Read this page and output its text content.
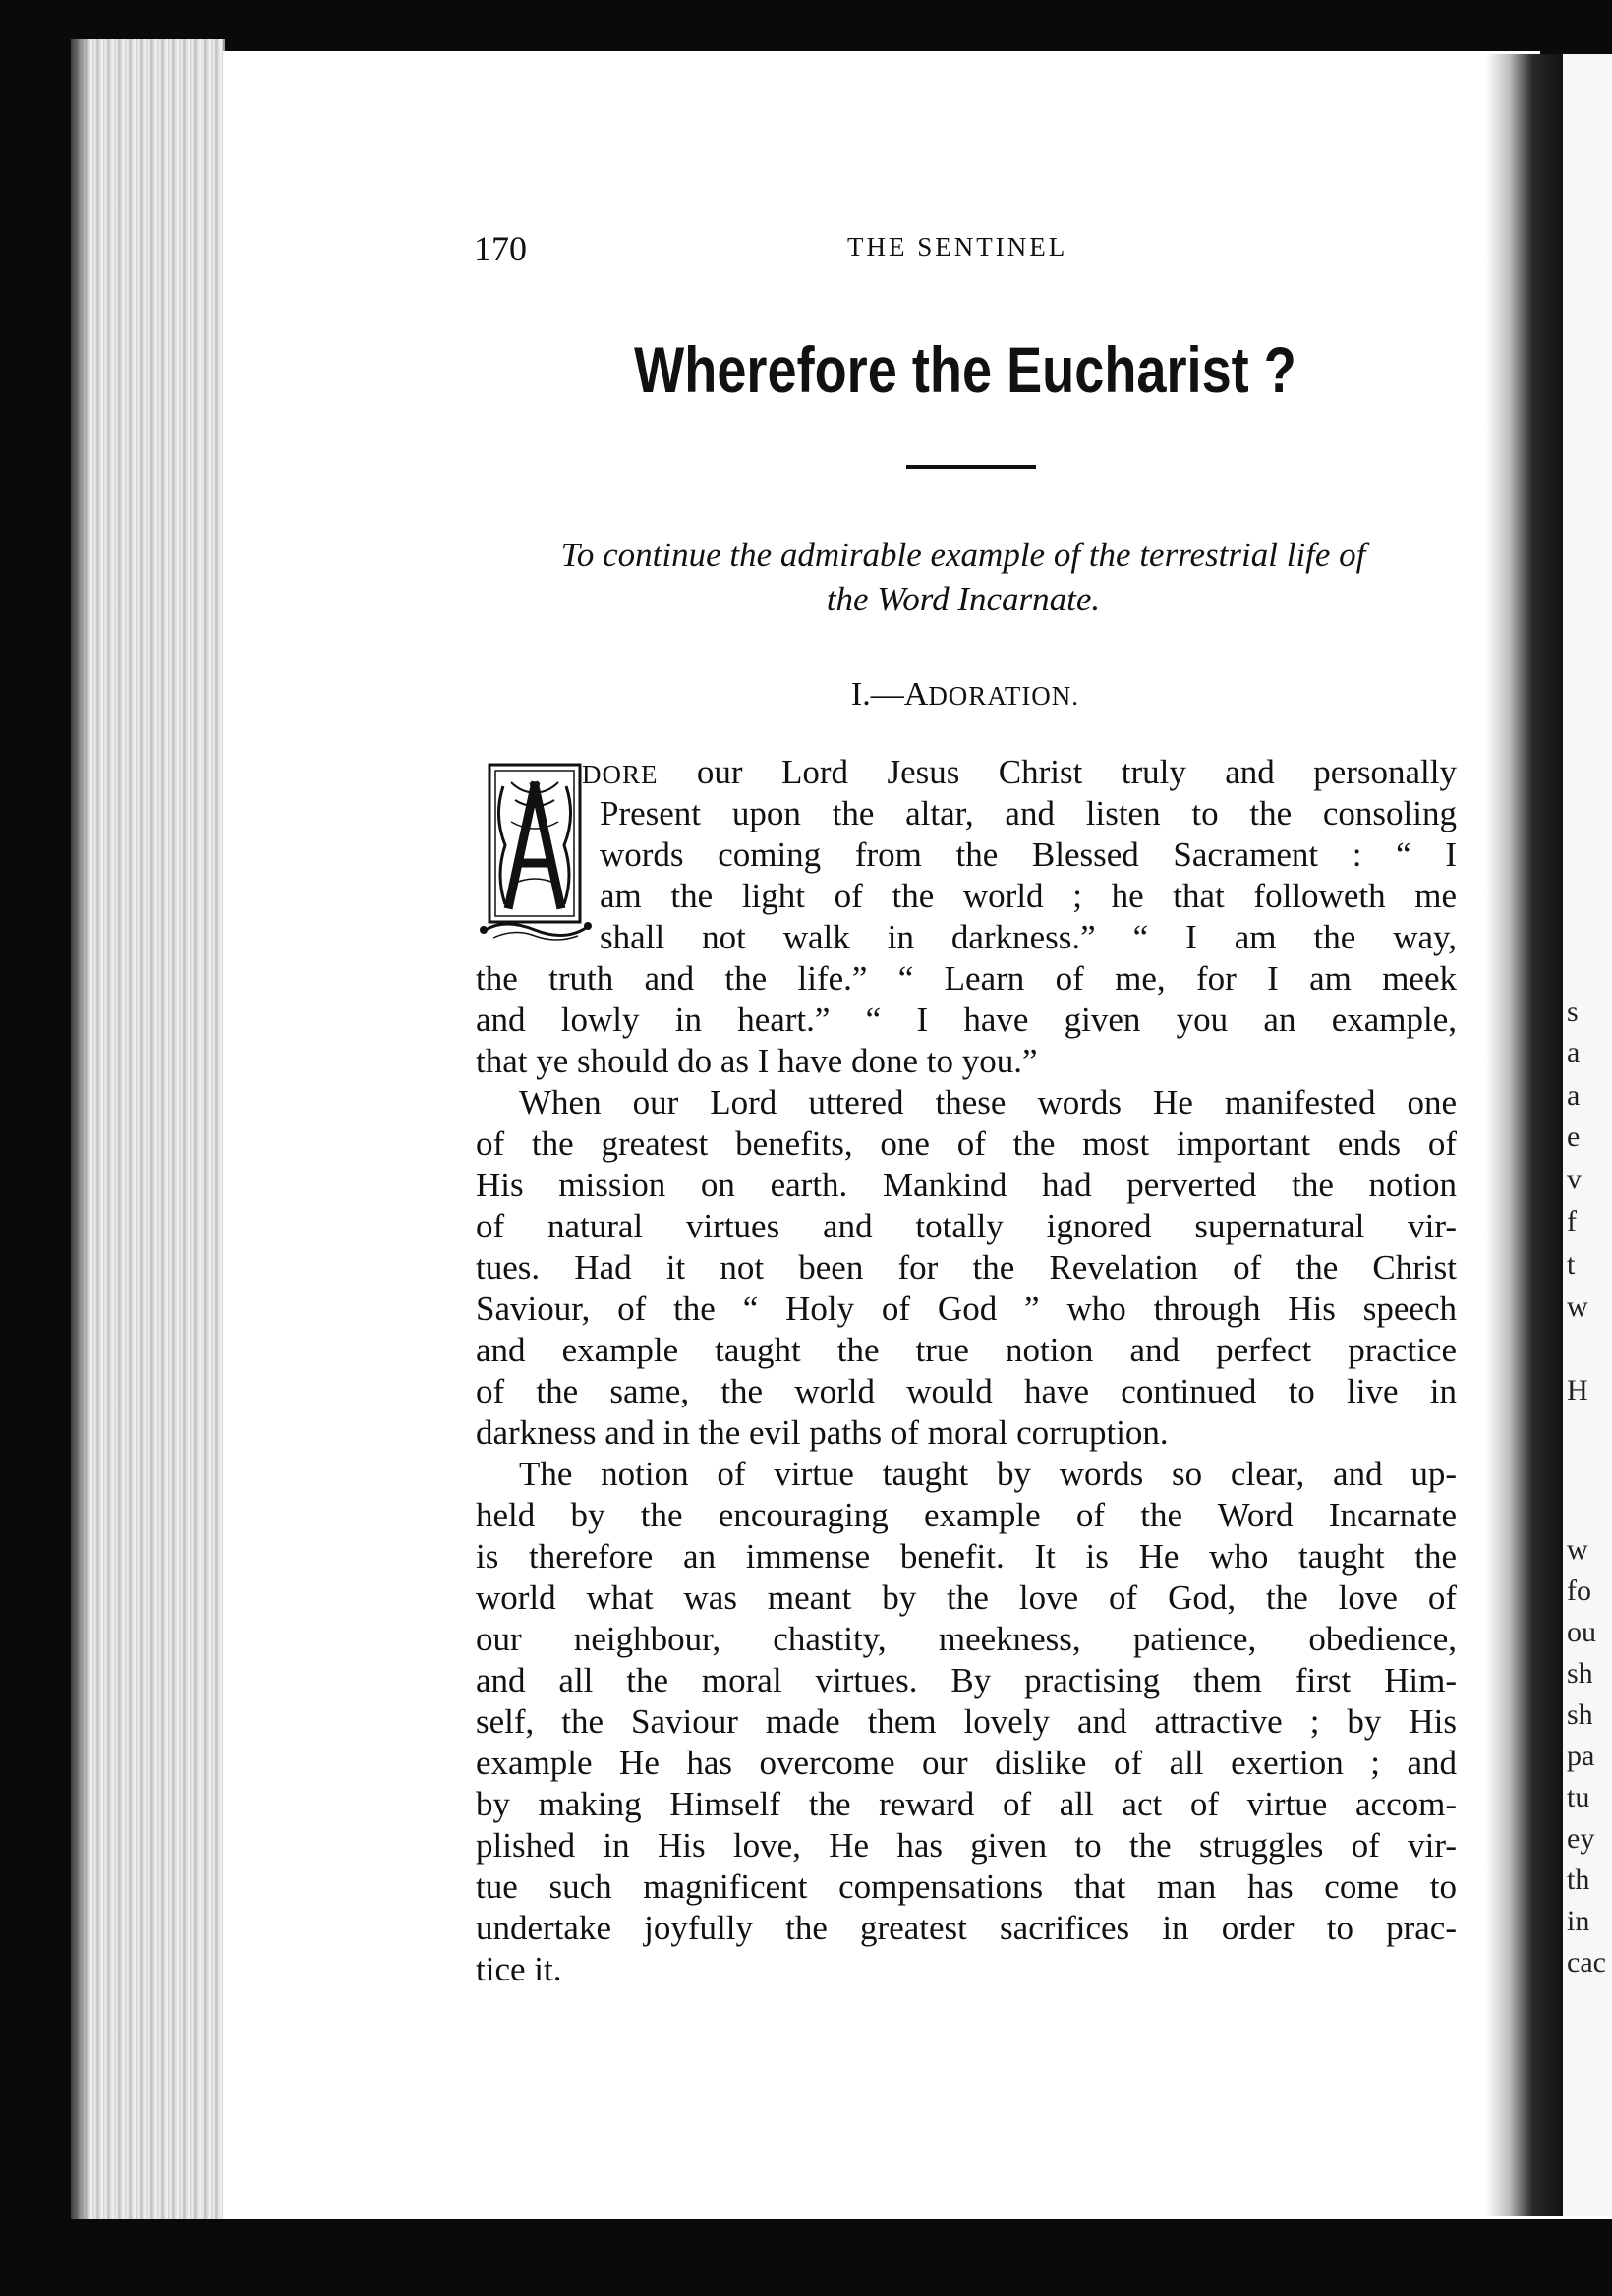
s
a
a
e
v
f
t
w
H
w
fo
ou
sh
sh
pa
tu
ey
th
in
cac
170	THE SENTINEL
Wherefore the Eucharist ?
To continue the admirable example of the terrestrial life of
the Word Incarnate.
I.—ADORATION.
DORE our Lord Jesus Christ truly and personally
Present upon the altar, and listen to the consoling
words coming from the Blessed Sacrament : “ I
am the light of the world ; he that followeth me
shall not walk in darkness.” “ I am the way,
the truth and the life.” “ Learn of me, for I am meek
and lowly in heart.” “ I have given you an example,
that ye should do as I have done to you.”
When our Lord uttered these words He manifested one
of the greatest benefits, one of the most important ends of
His mission on earth. Mankind had perverted the notion
of natural virtues and totally ignored supernatural vir-
tues. Had it not been for the Revelation of the Christ
Saviour, of the “ Holy of God ” who through His speech
and example taught the true notion and perfect practice
of the same, the world would have continued to live in
darkness and in the evil paths of moral corruption.
The notion of virtue taught by words so clear, and up-
held by the encouraging example of the Word Incarnate
is therefore an immense benefit. It is He who taught the
world what was meant by the love of God, the love of
our neighbour, chastity, meekness, patience, obedience,
and all the moral virtues. By practising them first Him-
self, the Saviour made them lovely and attractive ; by His
example He has overcome our dislike of all exertion ; and
by making Himself the reward of all act of virtue accom-
plished in His love, He has given to the struggles of vir-
tue such magnificent compensations that man has come to
undertake joyfully the greatest sacrifices in order to prac-
tice it.
